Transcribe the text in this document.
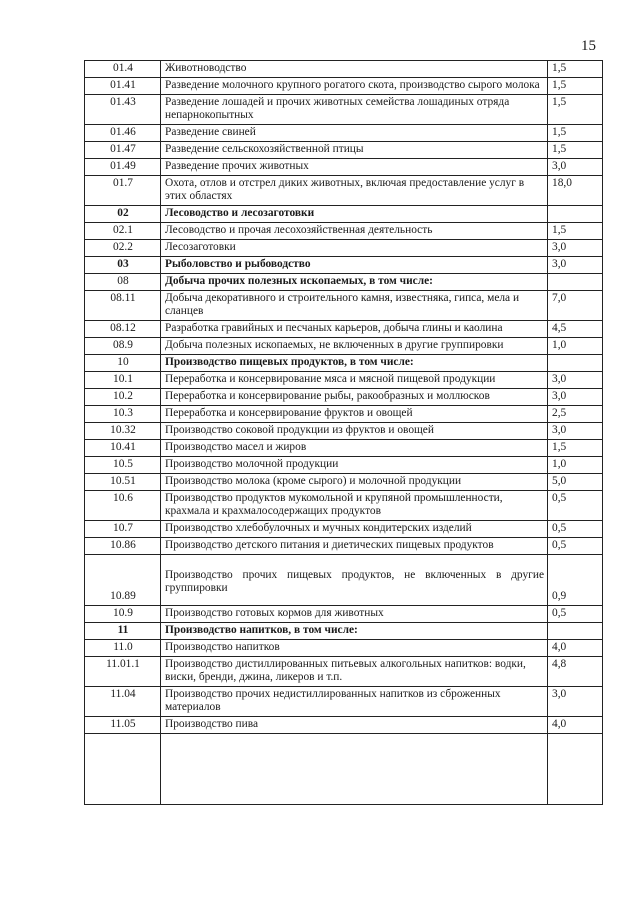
15
01.4	Животноводство	1,5
01.41	Разведение молочного крупного рогатого скота, производство сырого молока	1,5
01.43	Разведение лошадей и прочих животных семейства лошадиных отряда непарнокопытных	1,5
01.46	Разведение свиней	1,5
01.47	Разведение сельскохозяйственной птицы	1,5
01.49	Разведение прочих животных	3,0
01.7	Охота, отлов и отстрел диких животных, включая предоставление услуг в этих областях	18,0
02	Лесоводство и лесозаготовки	
02.1	Лесоводство и прочая лесохозяйственная деятельность	1,5
02.2	Лесозаготовки	3,0
03	Рыболовство и рыбоводство	3,0
08	Добыча прочих полезных ископаемых, в том числе:	
08.11	Добыча декоративного и строительного камня, известняка, гипса, мела и сланцев	7,0
08.12	Разработка гравийных и песчаных карьеров, добыча глины и каолина	4,5
08.9	Добыча полезных ископаемых, не включенных в другие группировки	1,0
10	Производство пищевых продуктов, в том числе:	
10.1	Переработка и консервирование мяса и мясной пищевой продукции	3,0
10.2	Переработка и консервирование рыбы, ракообразных и моллюсков	3,0
10.3	Переработка и консервирование фруктов и овощей	2,5
10.32	Производство соковой продукции из фруктов и овощей	3,0
10.41	Производство масел и жиров	1,5
10.5	Производство молочной продукции	1,0
10.51	Производство молока (кроме сырого) и молочной продукции	5,0
10.6	Производство продуктов мукомольной и крупяной промышленности, крахмала и крахмалосодержащих продуктов	0,5
10.7	Производство хлебобулочных и мучных кондитерских изделий	0,5
10.86	Производство детского питания и диетических пищевых продуктов	0,5
10.89	Производство прочих пищевых продуктов, не включенных в другие группировки	0,9
10.9	Производство готовых кормов для животных	0,5
11	Производство напитков, в том числе:	
11.0	Производство напитков	4,0
11.01.1	Производство дистиллированных питьевых алкогольных напитков: водки, виски, бренди, джина, ликеров и т.п.	4,8
11.04	Производство прочих недистиллированных напитков из сброженных материалов	3,0
11.05	Производство пива	4,0
